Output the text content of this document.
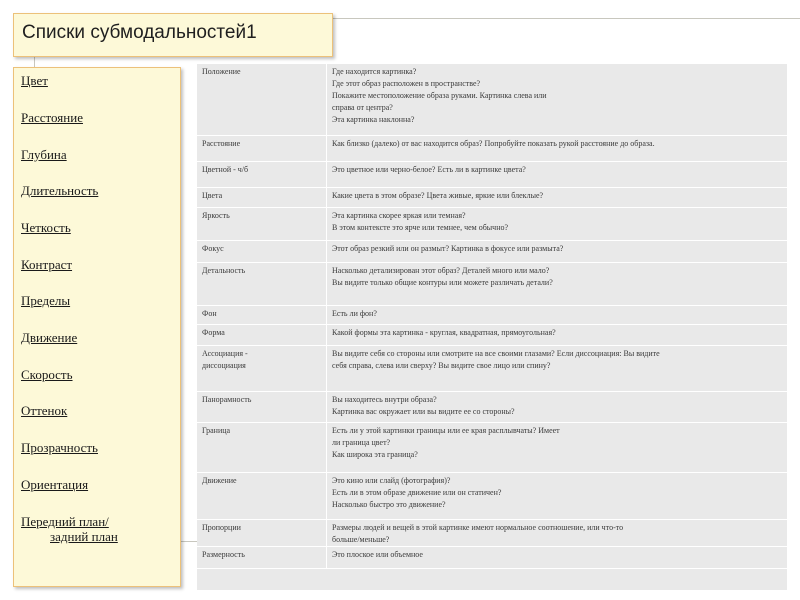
Списки субмодальностей1
Цвет
Расстояние
Глубина
Длительность
Четкость
Контраст
Пределы
Движение
Скорость
Оттенок
Прозрачность
Ориентация
Передний план/
задний план
Положение	Где находится картинка?
Где этот образ расположен в пространстве?
Покажите местоположение образа руками. Картинка слева или
справа от центра?
Эта картинка наклонна?
Расстояние	Как близко (далеко) от вас находится образ? Попробуйте показать рукой расстояние до образа.
Цветной - ч/б	Это цветное или черно-белое? Есть ли в картинке цвета?
Цвета	Какие цвета в этом образе? Цвета живые, яркие или блеклые?
Яркость	Эта картинка скорее яркая или темная?
В этом контексте это ярче или темнее, чем обычно?
Фокус	Этот образ резкий или он размыт? Картинка в фокусе или размыта?
Детальность	Насколько детализирован этот образ? Деталей много или мало?
Вы видите только общие контуры или можете различать детали?
Фон	Есть ли фон?
Форма	Какой формы эта картинка - круглая, квадратная, прямоугольная?
Ассоциация -
диссоциация	Вы видите себя со стороны или смотрите на все своими глазами? Если диссоциация: Вы видите
себя справа, слева или сверху? Вы видите свое лицо или спину?
Панорамность	Вы находитесь внутри образа?
Картинка вас окружает или вы видите ее со стороны?
Граница	Есть ли у этой картинки границы или ее края расплывчаты? Имеет
ли граница цвет?
Как широка эта граница?
Движение	Это кино или слайд (фотография)?
Есть ли в этом образе движение или он статичен?
Насколько быстро это движение?
Пропорции	Размеры людей и вещей в этой картинке имеют нормальное соотношение, или что-то
больше/меньше?
Размерность	Это плоское или объемное
